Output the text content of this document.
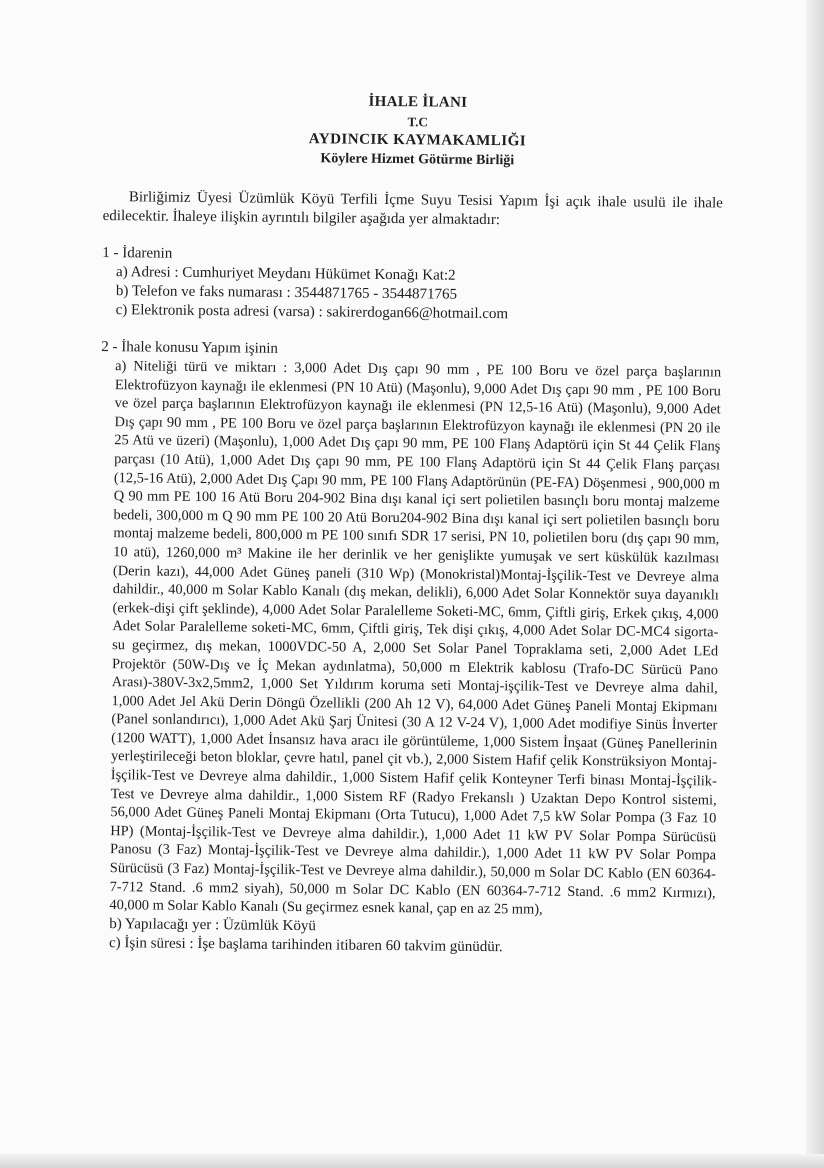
İHALE İLANI
T.C
AYDINCIK KAYMAKAMLIĞI
Köylere Hizmet Götürme Birliği
Birliğimiz Üyesi Üzümlük Köyü Terfili İçme Suyu Tesisi Yapım İşi açık ihale usulü ile ihale edilecektir. İhaleye ilişkin ayrıntılı bilgiler aşağıda yer almaktadır:
1 - İdarenin
a) Adresi : Cumhuriyet Meydanı Hükümet Konağı Kat:2
b) Telefon ve faks numarası : 3544871765 - 3544871765
c) Elektronik posta adresi (varsa) : sakirerdogan66@hotmail.com
2 - İhale konusu Yapım işinin
a) Niteliği türü ve miktarı : 3,000 Adet Dış çapı 90 mm , PE 100 Boru ve özel parça başlarının Elektrofüzyon kaynağı ile eklenmesi (PN 10 Atü) (Maşonlu), 9,000 Adet Dış çapı 90 mm , PE 100 Boru ve özel parça başlarının Elektrofüzyon kaynağı ile eklenmesi (PN 12,5-16 Atü) (Maşonlu), 9,000 Adet Dış çapı 90 mm , PE 100 Boru ve özel parça başlarının Elektrofüzyon kaynağı ile eklenmesi (PN 20 ile 25 Atü ve üzeri) (Maşonlu), 1,000 Adet Dış çapı 90 mm, PE 100 Flanş Adaptörü için St 44 Çelik Flanş parçası (10 Atü), 1,000 Adet Dış çapı 90 mm, PE 100 Flanş Adaptörü için St 44 Çelik Flanş parçası (12,5-16 Atü), 2,000 Adet Dış Çapı 90 mm, PE 100 Flanş Adaptörünün (PE-FA) Döşenmesi , 900,000 m Q 90 mm PE 100 16 Atü Boru 204-902 Bina dışı kanal içi sert polietilen basınçlı boru montaj malzeme bedeli, 300,000 m Q 90 mm PE 100 20 Atü Boru204-902 Bina dışı kanal içi sert polietilen basınçlı boru montaj malzeme bedeli, 800,000 m PE 100 sınıfı SDR 17 serisi, PN 10, polietilen boru (dış çapı 90 mm, 10 atü), 1260,000 m³ Makine ile her derinlik ve her genişlikte yumuşak ve sert küskülük kazılması (Derin kazı), 44,000 Adet Güneş paneli (310 Wp) (Monokristal)Montaj-İşçilik-Test ve Devreye alma dahildir., 40,000 m Solar Kablo Kanalı (dış mekan, delikli), 6,000 Adet Solar Konnektör suya dayanıklı (erkek-dişi çift şeklinde), 4,000 Adet Solar Paralelleme Soketi-MC, 6mm, Çiftli giriş, Erkek çıkış, 4,000 Adet Solar Paralelleme soketi-MC, 6mm, Çiftli giriş, Tek dişi çıkış, 4,000 Adet Solar DC-MC4 sigorta-su geçirmez, dış mekan, 1000VDC-50 A, 2,000 Set Solar Panel Topraklama seti, 2,000 Adet LEd Projektör (50W-Dış ve İç Mekan aydınlatma), 50,000 m Elektrik kablosu (Trafo-DC Sürücü Pano Arası)-380V-3x2,5mm2, 1,000 Set Yıldırım koruma seti Montaj-işçilik-Test ve Devreye alma dahil, 1,000 Adet Jel Akü Derin Döngü Özellikli (200 Ah 12 V), 64,000 Adet Güneş Paneli Montaj Ekipmanı (Panel sonlandırıcı), 1,000 Adet Akü Şarj Ünitesi (30 A 12 V-24 V), 1,000 Adet modifiye Sinüs İnverter (1200 WATT), 1,000 Adet İnsansız hava aracı ile görüntüleme, 1,000 Sistem İnşaat (Güneş Panellerinin yerleştirileceği beton bloklar, çevre hatıl, panel çit vb.), 2,000 Sistem Hafif çelik Konstrüksiyon Montaj-İşçilik-Test ve Devreye alma dahildir., 1,000 Sistem Hafif çelik Konteyner Terfi binası Montaj-İşçilik-Test ve Devreye alma dahildir., 1,000 Sistem RF (Radyo Frekanslı ) Uzaktan Depo Kontrol sistemi, 56,000 Adet Güneş Paneli Montaj Ekipmanı (Orta Tutucu), 1,000 Adet 7,5 kW Solar Pompa (3 Faz 10 HP) (Montaj-İşçilik-Test ve Devreye alma dahildir.), 1,000 Adet 11 kW PV Solar Pompa Sürücüsü Panosu (3 Faz) Montaj-İşçilik-Test ve Devreye alma dahildir.), 1,000 Adet 11 kW PV Solar Pompa Sürücüsü (3 Faz) Montaj-İşçilik-Test ve Devreye alma dahildir.), 50,000 m Solar DC Kablo (EN 60364-7-712 Stand. .6 mm2 siyah), 50,000 m Solar DC Kablo (EN 60364-7-712 Stand. .6 mm2 Kırmızı), 40,000 m Solar Kablo Kanalı (Su geçirmez esnek kanal, çap en az 25 mm),
b) Yapılacağı yer : Üzümlük Köyü
c) İşin süresi : İşe başlama tarihinden itibaren 60 takvim günüdür.
